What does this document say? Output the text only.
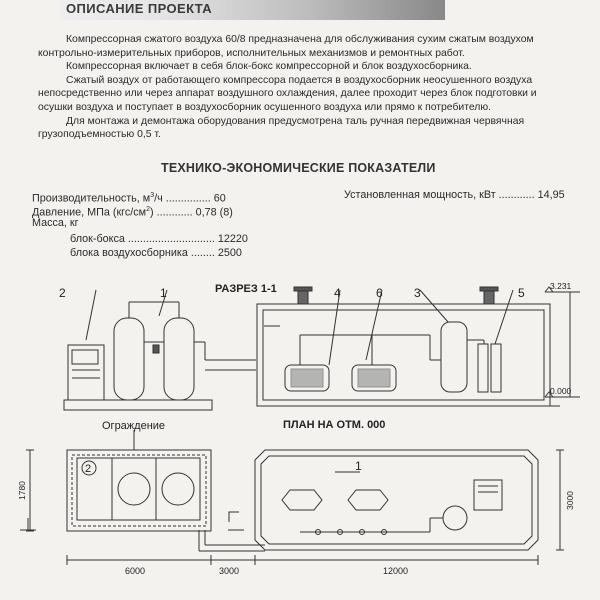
ОПИСАНИЕ ПРОЕКТА

Компрессорная сжатого воздуха 60/8 предназначена для обслуживания сухим сжатым воздухом

контрольно-измерительных приборов, исполнительных механизмов и ремонтных работ.

Компрессорная включает в себя блок-бокс компрессорной и блок воздухосборника.

Сжатый воздух от работающего компрессора подается в воздухосборник неосушенного воздуха

непосредственно или через аппарат воздушного охлаждения, далее проходит через блок подготовки и

осушки воздуха и поступает в воздухосборник осушенного воздуха или прямо к потребителю.

Для монтажа и демонтажа оборудования предусмотрена таль ручная передвижная червячная

грузоподъемностью 0,5 т.

ТЕХНИКО-ЭКОНОМИЧЕСКИЕ ПОКАЗАТЕЛИ
Производительность, $м^3/ч$ ............... 60
Давление, МПа $(кгс/см^2)$ ............ 0,78 (8)
Масса, кг
блок-бокса ............................. 12220
блока воздухосборника ........ 2500
Установленная мощность, кВт ............ 14,95
РАЗРЕЗ 1-1
ПЛАН НА ОТМ. 000
Ограждение
2	1	4	6	3	5
1
2
3.231
0.000
1780
3000
6000	3000	12000
